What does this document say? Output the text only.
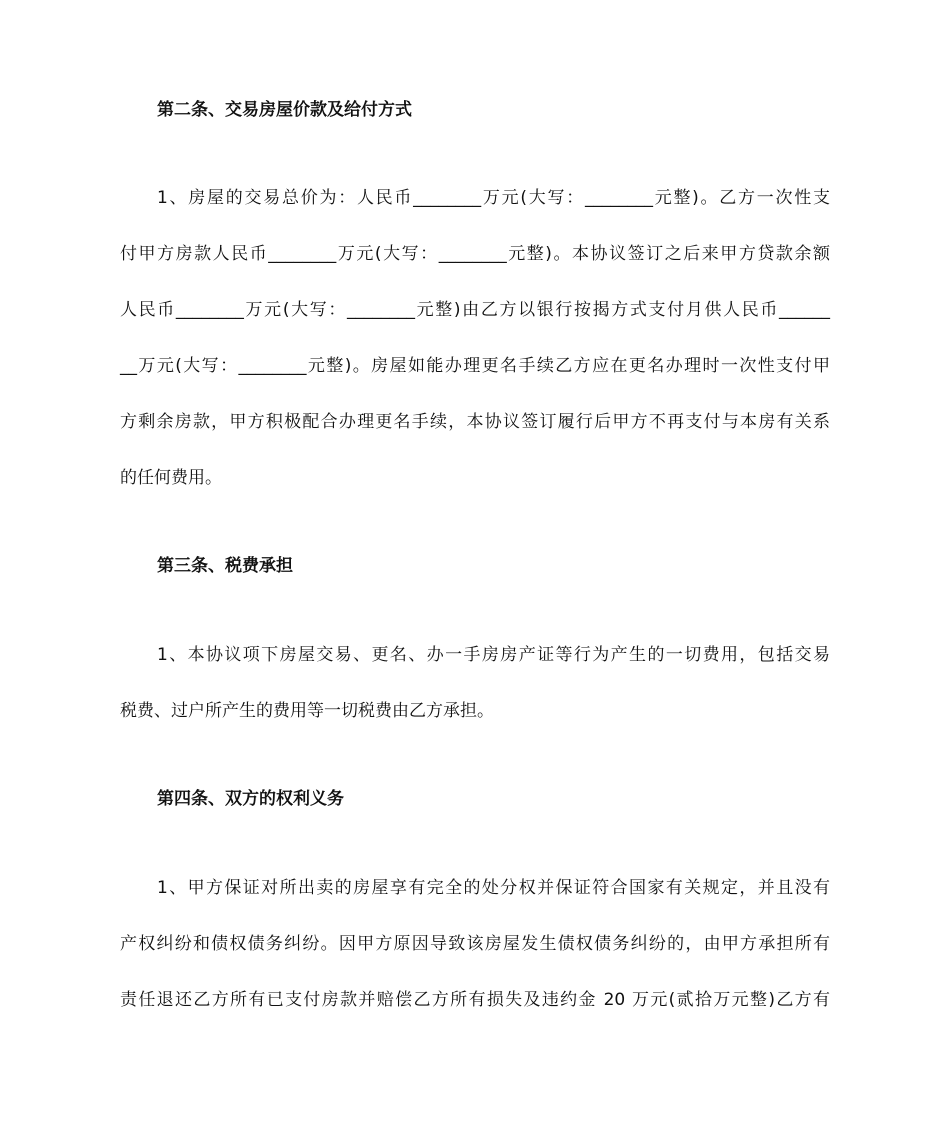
第二条、交易房屋价款及给付方式
1、房屋的交易总价为：人民币________万元(大写：________元整)。乙方一次性支
付甲方房款人民币________万元(大写：________元整)。本协议签订之后来甲方贷款余额
人民币________万元(大写：________元整)由乙方以银行按揭方式支付月供人民币______
__万元(大写：________元整)。房屋如能办理更名手续乙方应在更名办理时一次性支付甲
方剩余房款，甲方积极配合办理更名手续，本协议签订履行后甲方不再支付与本房有关系
的任何费用。
第三条、税费承担
1、本协议项下房屋交易、更名、办一手房房产证等行为产生的一切费用，包括交易
税费、过户所产生的费用等一切税费由乙方承担。
第四条、双方的权利义务
1、甲方保证对所出卖的房屋享有完全的处分权并保证符合国家有关规定，并且没有
产权纠纷和债权债务纠纷。因甲方原因导致该房屋发生债权债务纠纷的，由甲方承担所有
责任退还乙方所有已支付房款并赔偿乙方所有损失及违约金 20 万元(贰拾万元整)乙方有
